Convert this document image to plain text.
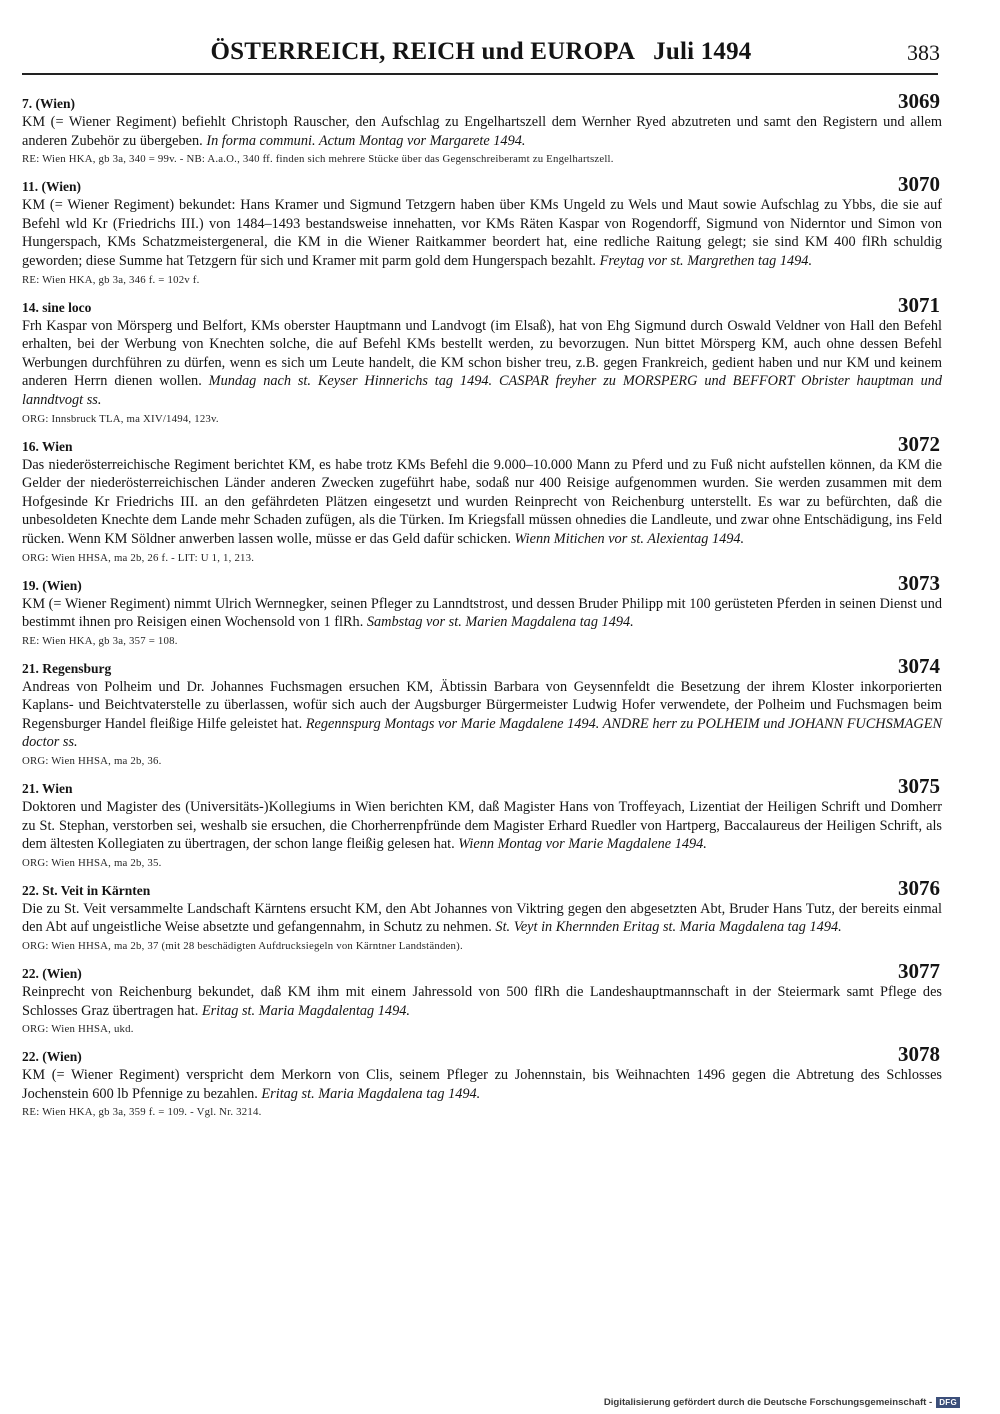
ÖSTERREICH, REICH und EUROPA Juli 1494	383
7. (Wien)	3069

KM (= Wiener Regiment) befiehlt Christoph Rauscher, den Aufschlag zu Engelhartszell dem Wernher Ryed abzutreten und samt den Registern und allem anderen Zubehör zu übergeben. In forma communi. Actum Montag vor Margarete 1494.

RE: Wien HKA, gb 3a, 340 = 99v. - NB: A.a.O., 340 ff. finden sich mehrere Stücke über das Gegenschreiberamt zu Engelhartszell.

11. (Wien)	3070

KM (= Wiener Regiment) bekundet: Hans Kramer und Sigmund Tetzgern haben über KMs Ungeld zu Wels und Maut sowie Aufschlag zu Ybbs, die sie auf Befehl wld Kr (Friedrichs III.) von 1484–1493 bestandsweise innehatten, vor KMs Räten Kaspar von Rogendorff, Sigmund von Niderntor und Simon von Hungerspach, KMs Schatzmeistergeneral, die KM in die Wiener Raitkammer beordert hat, eine redliche Raitung gelegt; sie sind KM 400 flRh schuldig geworden; diese Summe hat Tetzgern für sich und Kramer mit parm gold dem Hungerspach bezahlt. Freytag vor st. Margrethen tag 1494.

RE: Wien HKA, gb 3a, 346 f. = 102v f.

14. sine loco	3071

Frh Kaspar von Mörsperg und Belfort, KMs oberster Hauptmann und Landvogt (im Elsaß), hat von Ehg Sigmund durch Oswald Veldner von Hall den Befehl erhalten, bei der Werbung von Knechten solche, die auf Befehl KMs bestellt werden, zu bevorzugen. Nun bittet Mörsperg KM, auch ohne dessen Befehl Werbungen durchführen zu dürfen, wenn es sich um Leute handelt, die KM schon bisher treu, z.B. gegen Frankreich, gedient haben und nur KM und keinem anderen Herrn dienen wollen. Mundag nach st. Keyser Hinnerichs tag 1494. CASPAR freyher zu MORSPERG und BEFFORT Obrister hauptman und lanndtvogt ss.

ORG: Innsbruck TLA, ma XIV/1494, 123v.

16. Wien	3072

Das niederösterreichische Regiment berichtet KM, es habe trotz KMs Befehl die 9.000–10.000 Mann zu Pferd und zu Fuß nicht aufstellen können, da KM die Gelder der niederösterreichischen Länder anderen Zwecken zugeführt habe, sodaß nur 400 Reisige aufgenommen wurden. Sie werden zusammen mit dem Hofgesinde Kr Friedrichs III. an den gefährdeten Plätzen eingesetzt und wurden Reinprecht von Reichenburg unterstellt. Es war zu befürchten, daß die unbesoldeten Knechte dem Lande mehr Schaden zufügen, als die Türken. Im Kriegsfall müssen ohnedies die Landleute, und zwar ohne Entschädigung, ins Feld rücken. Wenn KM Söldner anwerben lassen wolle, müsse er das Geld dafür schicken. Wienn Mitichen vor st. Alexientag 1494.

ORG: Wien HHSA, ma 2b, 26 f. - LIT: U 1, 1, 213.

19. (Wien)	3073

KM (= Wiener Regiment) nimmt Ulrich Wernnegker, seinen Pfleger zu Lanndtstrost, und dessen Bruder Philipp mit 100 gerüsteten Pferden in seinen Dienst und bestimmt ihnen pro Reisigen einen Wochensold von 1 flRh. Sambstag vor st. Marien Magdalena tag 1494.

RE: Wien HKA, gb 3a, 357 = 108.

21. Regensburg	3074

Andreas von Polheim und Dr. Johannes Fuchsmagen ersuchen KM, Äbtissin Barbara von Geysennfeldt die Besetzung der ihrem Kloster inkorporierten Kaplans- und Beichtvaterstelle zu überlassen, wofür sich auch der Augsburger Bürgermeister Ludwig Hofer verwendete, der Polheim und Fuchsmagen beim Regensburger Handel fleißige Hilfe geleistet hat. Regennspurg Montags vor Marie Magdalene 1494. ANDRE herr zu POLHEIM und JOHANN FUCHSMAGEN doctor ss.

ORG: Wien HHSA, ma 2b, 36.

21. Wien	3075

Doktoren und Magister des (Universitäts-)Kollegiums in Wien berichten KM, daß Magister Hans von Troffeyach, Lizentiat der Heiligen Schrift und Domherr zu St. Stephan, verstorben sei, weshalb sie ersuchen, die Chorherrenpfründe dem Magister Erhard Ruedler von Hartperg, Baccalaureus der Heiligen Schrift, als dem ältesten Kollegiaten zu übertragen, der schon lange fleißig gelesen hat. Wienn Montag vor Marie Magdalene 1494.

ORG: Wien HHSA, ma 2b, 35.

22. St. Veit in Kärnten	3076

Die zu St. Veit versammelte Landschaft Kärntens ersucht KM, den Abt Johannes von Viktring gegen den abgesetzten Abt, Bruder Hans Tutz, der bereits einmal den Abt auf ungeistliche Weise absetzte und gefangennahm, in Schutz zu nehmen. St. Veyt in Khernnden Eritag st. Maria Magdalena tag 1494.

ORG: Wien HHSA, ma 2b, 37 (mit 28 beschädigten Aufdrucksiegeln von Kärntner Landständen).

22. (Wien)	3077

Reinprecht von Reichenburg bekundet, daß KM ihm mit einem Jahressold von 500 flRh die Landeshauptmannschaft in der Steiermark samt Pflege des Schlosses Graz übertragen hat. Eritag st. Maria Magdalentag 1494.

ORG: Wien HHSA, ukd.

22. (Wien)	3078

KM (= Wiener Regiment) verspricht dem Merkorn von Clis, seinem Pfleger zu Johennstain, bis Weihnachten 1496 gegen die Abtretung des Schlosses Jochenstein 600 lb Pfennige zu bezahlen. Eritag st. Maria Magdalena tag 1494.

RE: Wien HKA, gb 3a, 359 f. = 109. - Vgl. Nr. 3214.

Digitalisierung gefördert durch die Deutsche Forschungsgemeinschaft - DFG
